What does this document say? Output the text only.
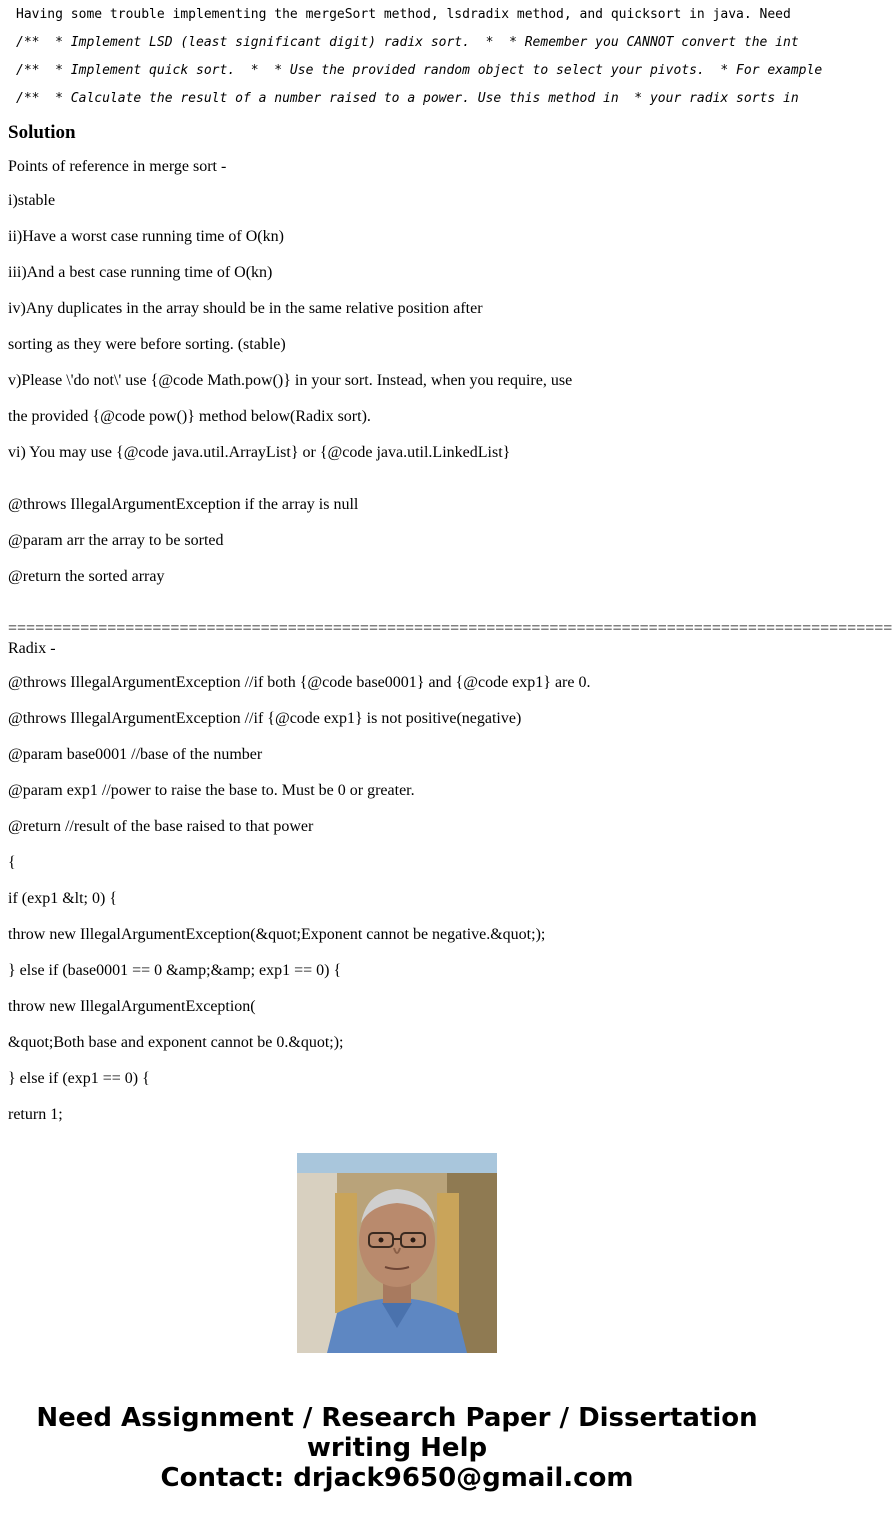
Having some trouble implementing the mergeSort method, lsdradix method, and quicksort in java. Need
/**  * Implement LSD (least significant digit) radix sort.  *  * Remember you CANNOT convert the int
/**  * Implement quick sort.  *  * Use the provided random object to select your pivots.  * For example
/**  * Calculate the result of a number raised to a power. Use this method in  * your radix sorts in
Solution

Points of reference in merge sort -

i)stable

ii)Have a worst case running time of O(kn)

iii)And a best case running time of O(kn)

iv)Any duplicates in the array should be in the same relative position after

sorting as they were before sorting. (stable)

v)Please \'do not\' use {@code Math.pow()} in your sort. Instead, when you require, use

the provided {@code pow()} method below(Radix sort).

vi) You may use {@code java.util.ArrayList} or {@code java.util.LinkedList}

@throws IllegalArgumentException if the array is null

@param arr the array to be sorted

@return the sorted array

==================================================================================================

Radix -

@throws IllegalArgumentException //if both {@code base0001} and {@code exp1} are 0.

@throws IllegalArgumentException //if {@code exp1} is not positive(negative)

@param base0001 //base of the number

@param exp1 //power to raise the base to. Must be 0 or greater.

@return //result of the base raised to that power

{

if (exp1 &lt; 0) {

throw new IllegalArgumentException(&quot;Exponent cannot be negative.&quot;);

} else if (base0001 == 0 &amp;&amp; exp1 == 0) {

throw new IllegalArgumentException(

&quot;Both base and exponent cannot be 0.&quot;);

} else if (exp1 == 0) {

return 1;

Need Assignment / Research Paper / Dissertation
writing Help
Contact: drjack9650@gmail.com
